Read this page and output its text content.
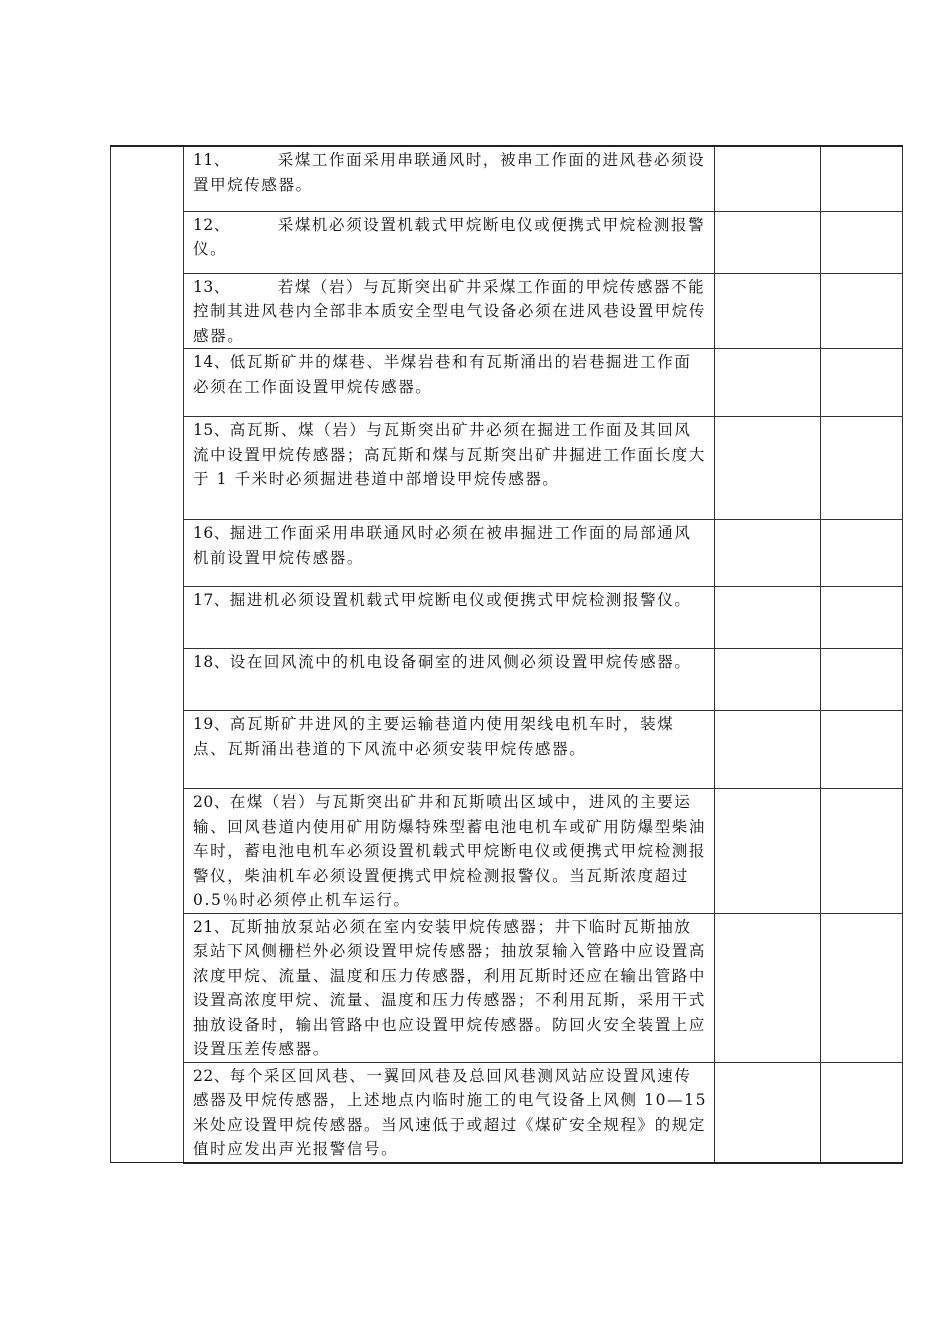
	11、 采煤工作面采用串联通风时，被串工作面的进风巷必须设置甲烷传感器。		

	12、 采煤机必须设置机载式甲烷断电仪或便携式甲烷检测报警仪。		

	13、 若煤（岩）与瓦斯突出矿井采煤工作面的甲烷传感器不能控制其进风巷内全部非本质安全型电气设备必须在进风巷设置甲烷传感器。		

	14、低瓦斯矿井的煤巷、半煤岩巷和有瓦斯涌出的岩巷掘进工作面必须在工作面设置甲烷传感器。		

	15、高瓦斯、煤（岩）与瓦斯突出矿井必须在掘进工作面及其回风流中设置甲烷传感器；高瓦斯和煤与瓦斯突出矿井掘进工作面长度大于 1 千米时必须掘进巷道中部增设甲烷传感器。		

	16、掘进工作面采用串联通风时必须在被串掘进工作面的局部通风机前设置甲烷传感器。		

	17、掘进机必须设置机载式甲烷断电仪或便携式甲烷检测报警仪。		

	18、设在回风流中的机电设备硐室的进风侧必须设置甲烷传感器。		

	19、高瓦斯矿井进风的主要运输巷道内使用架线电机车时，装煤点、瓦斯涌出巷道的下风流中必须安装甲烷传感器。		

	20、在煤（岩）与瓦斯突出矿井和瓦斯喷出区域中，进风的主要运输、回风巷道内使用矿用防爆特殊型蓄电池电机车或矿用防爆型柴油车时，蓄电池电机车必须设置机载式甲烷断电仪或便携式甲烷检测报警仪，柴油机车必须设置便携式甲烷检测报警仪。当瓦斯浓度超过 0.5％时必须停止机车运行。		

	21、瓦斯抽放泵站必须在室内安装甲烷传感器；井下临时瓦斯抽放泵站下风侧栅栏外必须设置甲烷传感器；抽放泵输入管路中应设置高浓度甲烷、流量、温度和压力传感器，利用瓦斯时还应在输出管路中设置高浓度甲烷、流量、温度和压力传感器；不利用瓦斯，采用干式抽放设备时，输出管路中也应设置甲烷传感器。防回火安全装置上应设置压差传感器。		

	22、每个采区回风巷、一翼回风巷及总回风巷测风站应设置风速传感器及甲烷传感器，上述地点内临时施工的电气设备上风侧 10—15 米处应设置甲烷传感器。当风速低于或超过《煤矿安全规程》的规定值时应发出声光报警信号。		
